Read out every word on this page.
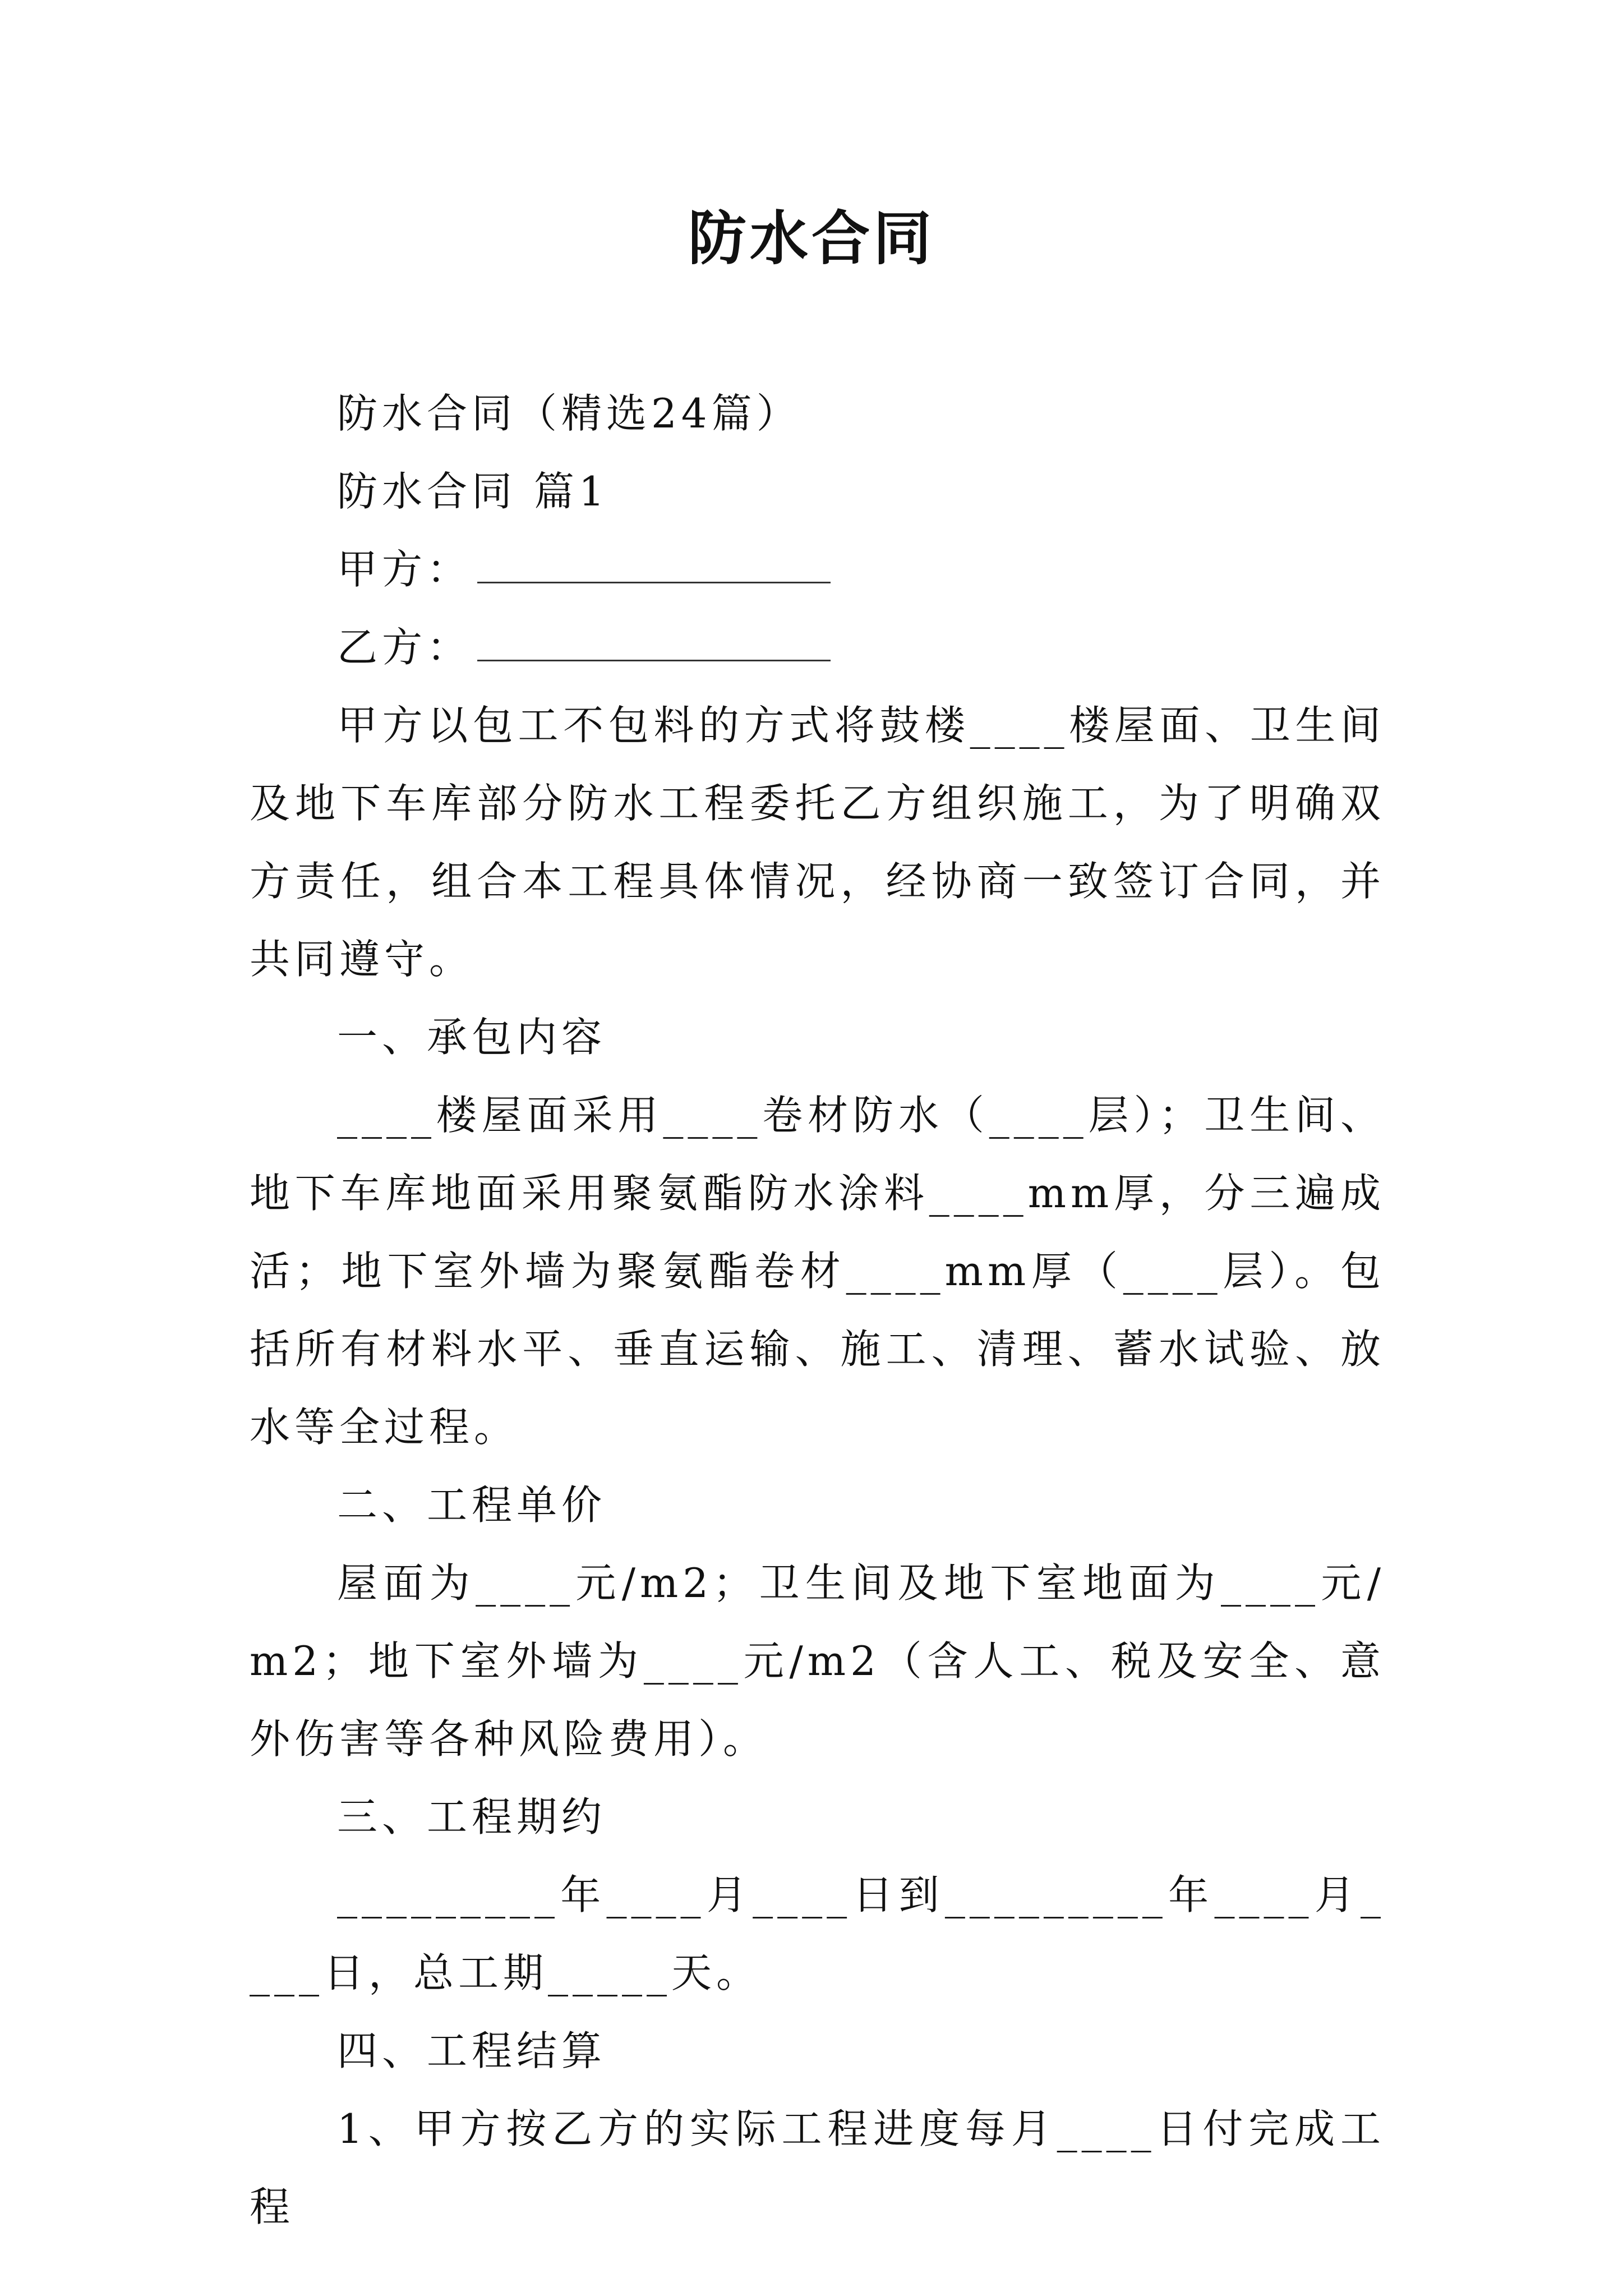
防水合同

防水合同（精选24篇）

防水合同 篇1

甲方：

乙方：

甲方以包工不包料的方式将鼓楼____楼屋面、卫生间及地下车库部分防水工程委托乙方组织施工，为了明确双方责任，组合本工程具体情况，经协商一致签订合同，并共同遵守。

一、承包内容

____楼屋面采用____卷材防水（____层）；卫生间、地下车库地面采用聚氨酯防水涂料____mm厚，分三遍成活；地下室外墙为聚氨酯卷材____mm厚（____层）。包括所有材料水平、垂直运输、施工、清理、蓄水试验、放水等全过程。

二、工程单价

屋面为____元/m2；卫生间及地下室地面为____元/m2；地下室外墙为____元/m2（含人工、税及安全、意外伤害等各种风险费用）。

三、工程期约

_________年____月____日到_________年____月____日，总工期_____天。

四、工程结算

1、甲方按乙方的实际工程进度每月____日付完成工程
